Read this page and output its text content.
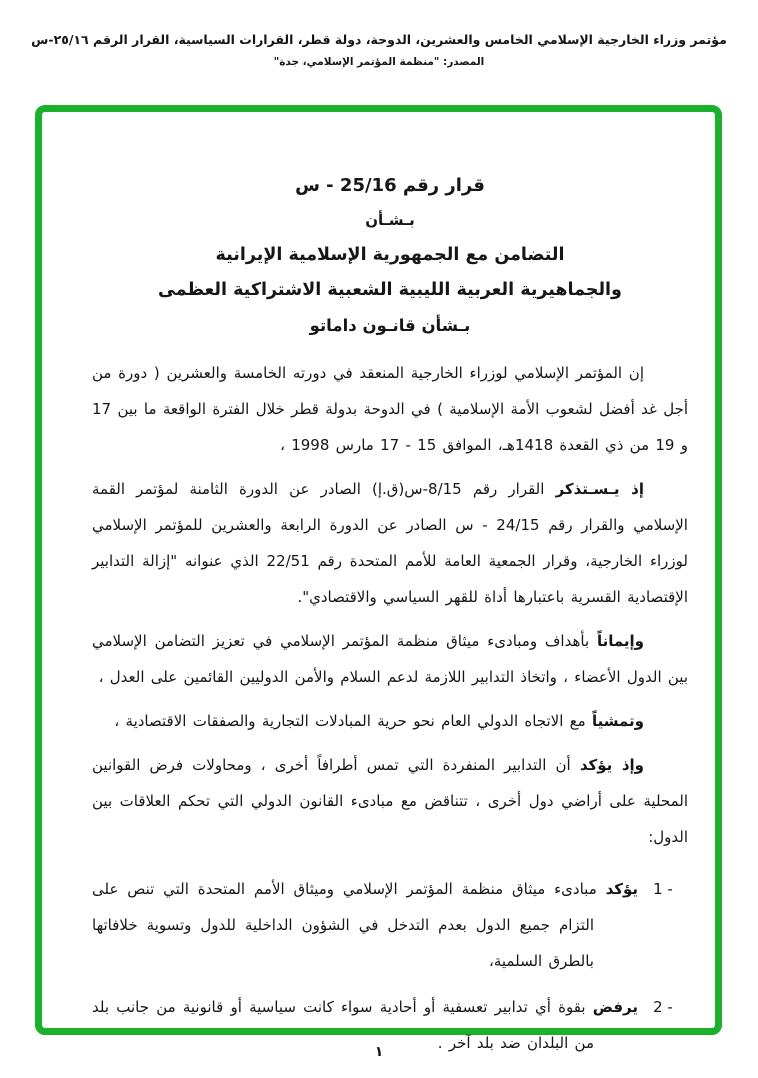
مؤتمر وزراء الخارجية الإسلامي الخامس والعشرين، الدوحة، دولة قطر، القرارات السياسية، القرار الرقم ٢٥/١٦-س
المصدر: "منظمة المؤتمر الإسلامي، جدة"
قرار رقم 25/16 - س
بـشـأن
التضامن مع الجمهورية الإسلامية الإيرانية
والجماهيرية العربية الليبية الشعبية الاشتراكية العظمى
بـشأن قانـون داماتو

إن المؤتمر الإسلامي لوزراء الخارجية المنعقد في دورته الخامسة والعشرين ( دورة من أجل غد أفضل لشعوب الأمة الإسلامية ) في الدوحة بدولة قطر خلال الفترة الواقعة ما بين 17 و 19 من ذي القعدة 1418هـ، الموافق 15 - 17 مارس 1998 ،

إذ يـسـتذكر القرار رقم 8/15-س(ق.إ) الصادر عن الدورة الثامنة لمؤتمر القمة الإسلامي والقرار رقم 24/15 - س الصادر عن الدورة الرابعة والعشرين للمؤتمر الإسلامي لوزراء الخارجية، وقرار الجمعية العامة للأمم المتحدة رقم 22/51 الذي عنوانه "إزالة التدابير الإقتصادية القسرية باعتبارها أداة للقهر السياسي والاقتصادي".

وإيماناً بأهداف ومبادىء ميثاق منظمة المؤتمر الإسلامي في تعزيز التضامن الإسلامي بين الدول الأعضاء ، واتخاذ التدابير اللازمة لدعم السلام والأمن الدوليين القائمين على العدل ،

وتمشياً مع الاتجاه الدولي العام نحو حرية المبادلات التجارية والصفقات الاقتصادية ،

وإذ يؤكد أن التدابير المنفردة التي تمس أطرافاً أخرى ، ومحاولات فرض القوانين المحلية على أراضي دول أخرى ، تتناقض مع مبادىء القانون الدولي التي تحكم العلاقات بين الدول:

1 -
يؤكد مبادىء ميثاق منظمة المؤتمر الإسلامي وميثاق الأمم المتحدة التي تنص على التزام جميع الدول بعدم التدخل في الشؤون الداخلية للدول وتسوية خلافاتها بالطرق السلمية،
2 -
يرفض بقوة أي تدابير تعسفية أو أحادية سواء كانت سياسية أو قانونية من جانب بلد من البلدان ضد بلد آخر .
١
